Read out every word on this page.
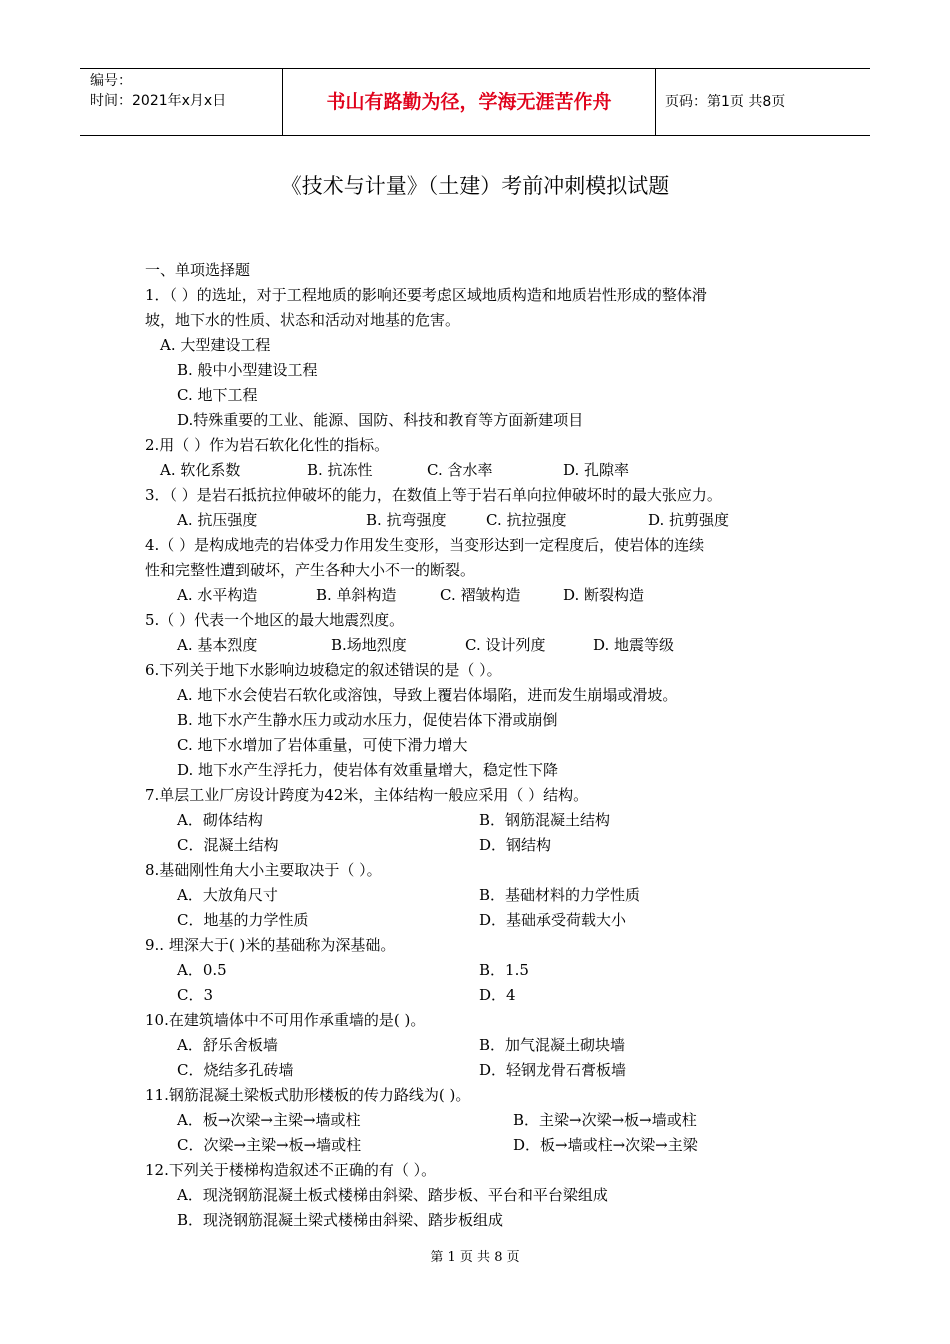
编号：
时间：2021年x月x日	书山有路勤为径，学海无涯苦作舟	页码：第1页 共8页
《技术与计量》（土建）考前冲刺模拟试题
一、单项选择题
1．（ ）的选址，对于工程地质的影响还要考虑区域地质构造和地质岩性形成的整体滑
坡，地下水的性质、状态和活动对地基的危害。
A. 大型建设工程
B. 般中小型建设工程
C. 地下工程
D.特殊重要的工业、能源、国防、科技和教育等方面新建项目
2.用（ ）作为岩石软化化性的指标。
A. 软化系数	B. 抗冻性	C. 含水率	D. 孔隙率
3．（ ）是岩石抵抗拉伸破坏的能力，在数值上等于岩石单向拉伸破坏时的最大张应力。
A. 抗压强度	B. 抗弯强度	C. 抗拉强度	D. 抗剪强度
4.（ ）是构成地壳的岩体受力作用发生变形，当变形达到一定程度后，使岩体的连续
性和完整性遭到破坏，产生各种大小不一的断裂。
A. 水平构造	B. 单斜构造	C. 褶皱构造	D. 断裂构造
5.（ ）代表一个地区的最大地震烈度。
A. 基本烈度	B.场地烈度	C. 设计列度	D. 地震等级
6.下列关于地下水影响边坡稳定的叙述错误的是（ ）。
A. 地下水会使岩石软化或溶蚀，导致上覆岩体塌陷，进而发生崩塌或滑坡。
B. 地下水产生静水压力或动水压力，促使岩体下滑或崩倒
C. 地下水增加了岩体重量，可使下滑力增大
D. 地下水产生浮托力，使岩体有效重量增大，稳定性下降
7.单层工业厂房设计跨度为42米，主体结构一般应采用（ ）结构。
A．砌体结构	B．钢筋混凝土结构
C．混凝土结构	D．钢结构
8.基础刚性角大小主要取决于（ ）。
A．大放角尺寸	B．基础材料的力学性质
C．地基的力学性质	D．基础承受荷载大小
9.. 埋深大于( )米的基础称为深基础。
A．0.5	B．1.5
C．3	D．4
10.在建筑墙体中不可用作承重墙的是( )。
A．舒乐舍板墙	B．加气混凝土砌块墙
C．烧结多孔砖墙	D．轻钢龙骨石膏板墙
11.钢筋混凝土梁板式肋形楼板的传力路线为( )。
A．板→次梁→主梁→墙或柱	B．主梁→次梁→板→墙或柱
C．次梁→主梁→板→墙或柱	D．板→墙或柱→次梁→主梁
12.下列关于楼梯构造叙述不正确的有（ ）。
A．现浇钢筋混凝土板式楼梯由斜梁、踏步板、平台和平台梁组成
B．现浇钢筋混凝土梁式楼梯由斜梁、踏步板组成
第 1 页 共 8 页
